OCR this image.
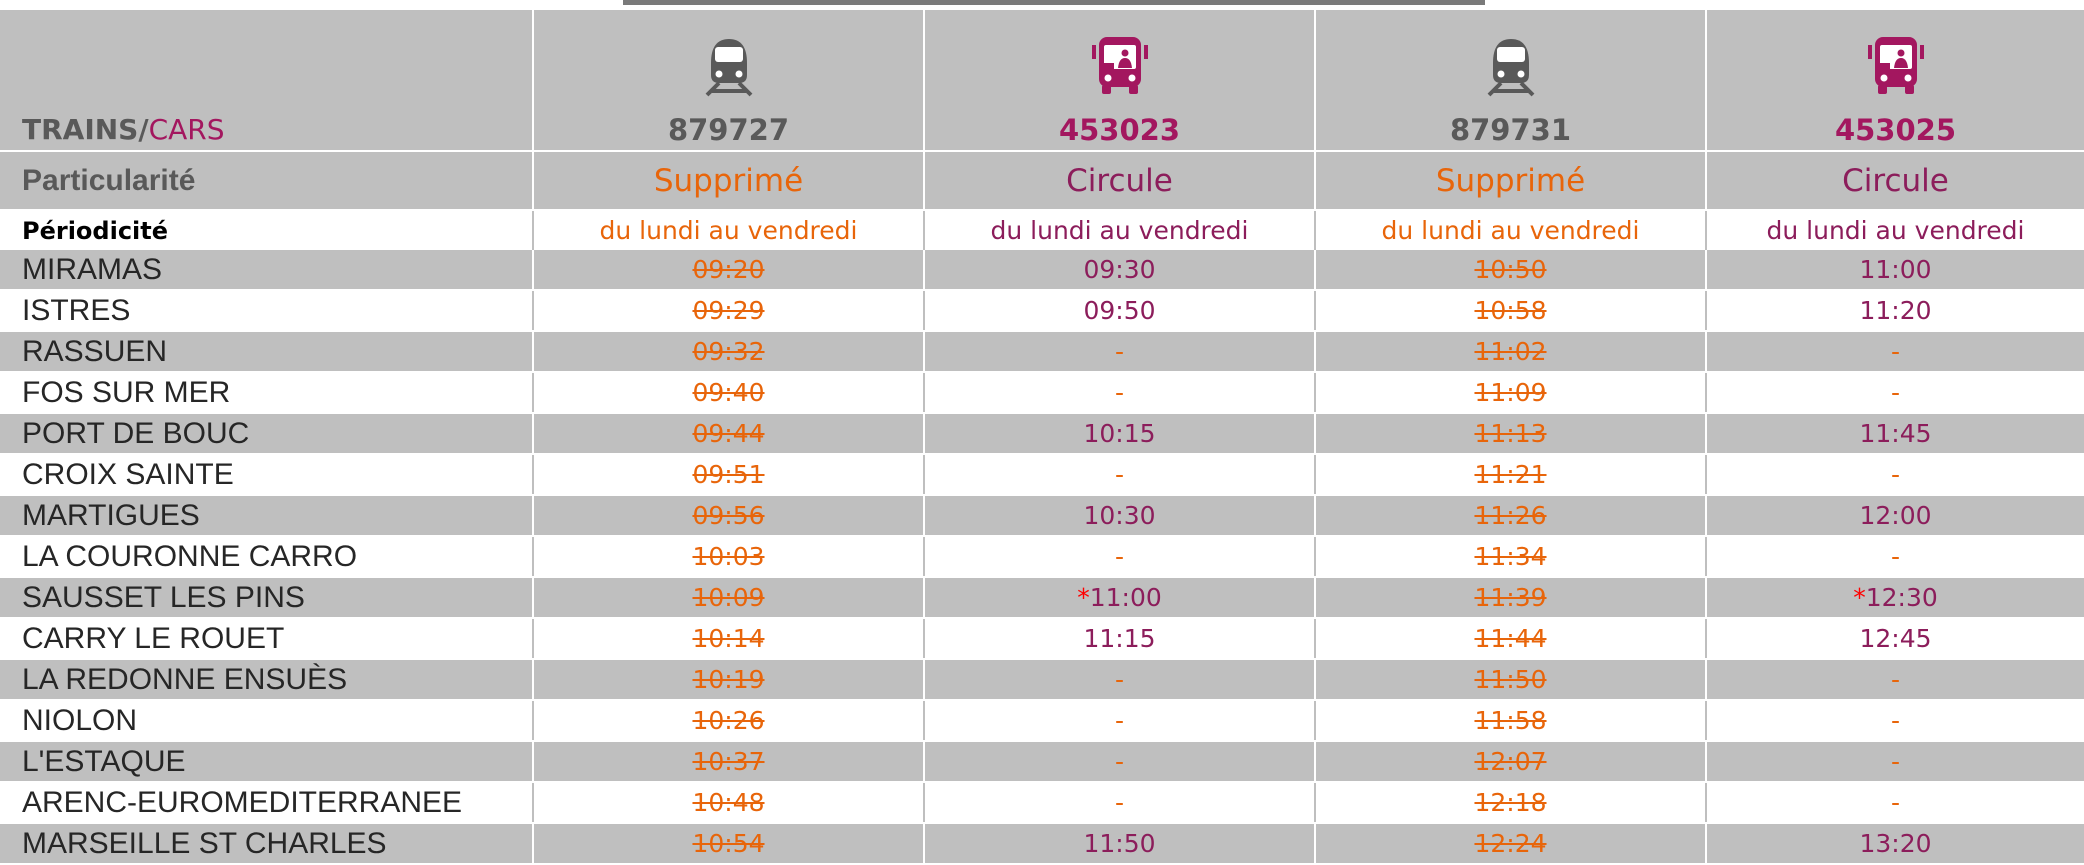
TRAINS/CARS	879727	453023	879731	453025

Particularité	Supprimé	Circule	Supprimé	Circule
Périodicité	du lundi au vendredi	du lundi au vendredi	du lundi au vendredi	du lundi au vendredi
MIRAMAS	09:20	09:30	10:50	11:00
ISTRES	09:29	09:50	10:58	11:20
RASSUEN	09:32	-	11:02	-
FOS SUR MER	09:40	-	11:09	-
PORT DE BOUC	09:44	10:15	11:13	11:45
CROIX SAINTE	09:51	-	11:21	-
MARTIGUES	09:56	10:30	11:26	12:00
LA COURONNE CARRO	10:03	-	11:34	-
SAUSSET LES PINS	10:09	*11:00	11:39	*12:30
CARRY LE ROUET	10:14	11:15	11:44	12:45
LA REDONNE ENSUÈS	10:19	-	11:50	-
NIOLON	10:26	-	11:58	-
L'ESTAQUE	10:37	-	12:07	-
ARENC-EUROMEDITERRANEE	10:48	-	12:18	-
MARSEILLE ST CHARLES	10:54	11:50	12:24	13:20
